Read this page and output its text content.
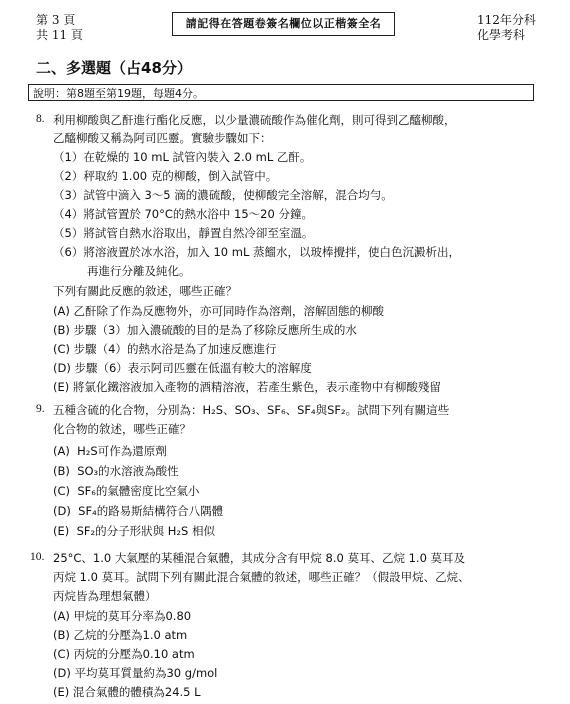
第 3 頁
共 11 頁
請記得在答題卷簽名欄位以正楷簽全名	112年分科
化學考科
二、多選題（占48分）
說明：第8題至第19題，每題4分。
8. 利用柳酸與乙酐進行酯化反應，以少量濃硫酸作為催化劑，則可得到乙醯柳酸，
乙醯柳酸又稱為阿司匹靈。實驗步驟如下：
（1）在乾燥的 10 mL 試管內裝入 2.0 mL 乙酐。
（2）秤取約 1.00 克的柳酸，倒入試管中。
（3）試管中滴入 3～5 滴的濃硫酸，使柳酸完全溶解，混合均勻。
（4）將試管置於 70°C的熱水浴中 15～20 分鐘。
（5）將試管自熱水浴取出，靜置自然冷卻至室溫。
（6）將溶液置於冰水浴，加入 10 mL 蒸餾水，以玻棒攪拌，使白色沉澱析出，
再進行分離及純化。
下列有關此反應的敘述，哪些正確？
(A) 乙酐除了作為反應物外，亦可同時作為溶劑，溶解固態的柳酸
(B) 步驟（3）加入濃硫酸的目的是為了移除反應所生成的水
(C) 步驟（4）的熱水浴是為了加速反應進行
(D) 步驟（6）表示阿司匹靈在低溫有較大的溶解度
(E) 將氯化鐵溶液加入產物的酒精溶液，若產生紫色，表示產物中有柳酸殘留
9. 五種含硫的化合物，分別為：H₂S、SO₃、SF₆、SF₄與SF₂。試問下列有關這些
化合物的敘述，哪些正確？
(A) H₂S可作為還原劑
(B) SO₃的水溶液為酸性
(C) SF₆的氣體密度比空氣小
(D) SF₄的路易斯結構符合八隅體
(E) SF₂的分子形狀與 H₂S 相似
10. 25°C、1.0 大氣壓的某種混合氣體，其成分含有甲烷 8.0 莫耳、乙烷 1.0 莫耳及
丙烷 1.0 莫耳。試問下列有關此混合氣體的敘述，哪些正確？（假設甲烷、乙烷、
丙烷皆為理想氣體）
(A) 甲烷的莫耳分率為0.80
(B) 乙烷的分壓為1.0 atm
(C) 丙烷的分壓為0.10 atm
(D) 平均莫耳質量約為30 g/mol
(E) 混合氣體的體積為24.5 L
